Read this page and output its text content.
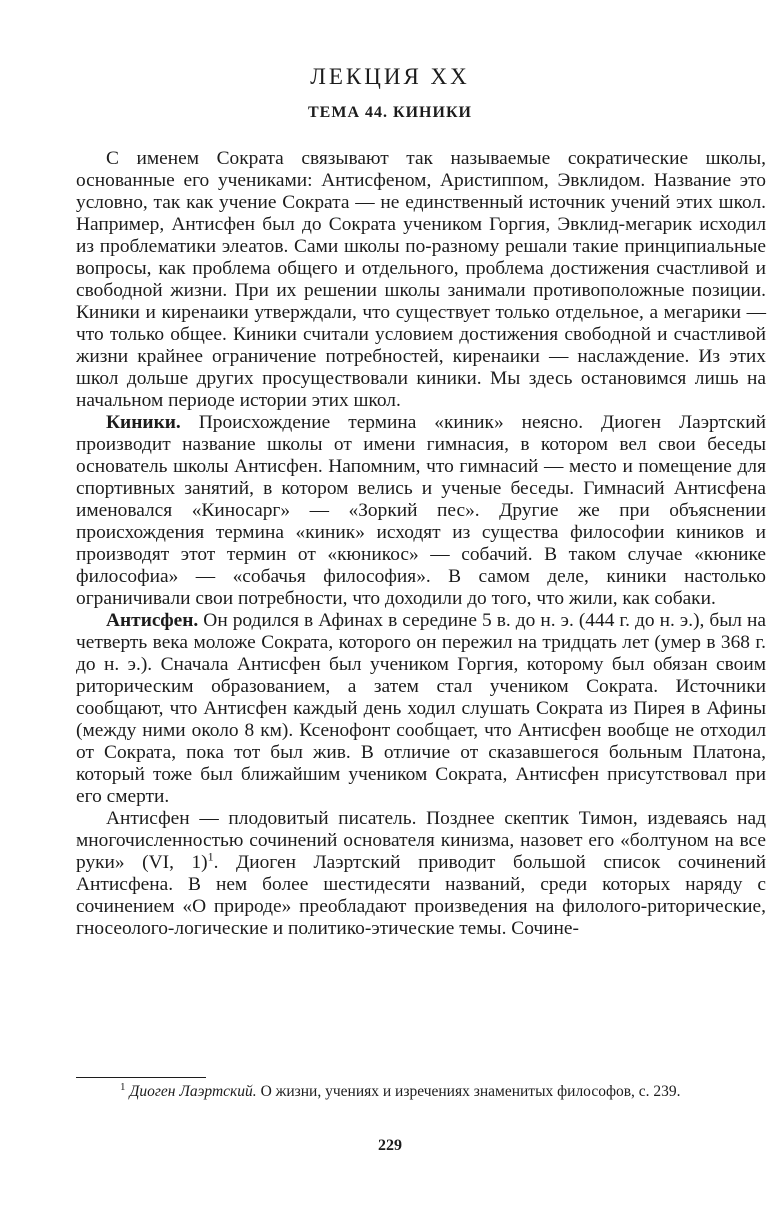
ЛЕКЦИЯ XX
ТЕМА 44. КИНИКИ

С именем Сократа связывают так называемые сократические школы, основанные его учениками: Антисфеном, Аристиппом, Эвклидом. Название это условно, так как учение Сократа — не единственный источник учений этих школ. Например, Антисфен был до Сократа учеником Горгия, Эвклид-мегарик исходил из проблематики элеатов. Сами школы по-разному решали такие принципиальные вопросы, как проблема общего и отдельного, проблема достижения счастливой и свободной жизни. При их решении школы занимали противоположные позиции. Киники и киренаики утверждали, что существует только отдельное, а мегарики — что только общее. Киники считали условием достижения свободной и счастливой жизни крайнее ограничение потребностей, киренаики — наслаждение. Из этих школ дольше других просуществовали киники. Мы здесь остановимся лишь на начальном периоде истории этих школ.

Киники. Происхождение термина «киник» неясно. Диоген Лаэртский производит название школы от имени гимнасия, в котором вел свои беседы основатель школы Антисфен. Напомним, что гимнасий — место и помещение для спортивных занятий, в котором велись и ученые беседы. Гимнасий Антисфена именовался «Киносарг» — «Зоркий пес». Другие же при объяснении происхождения термина «киник» исходят из существа философии киников и производят этот термин от «кюникос» — собачий. В таком случае «кюнике философиа» — «собачья философия». В самом деле, киники настолько ограничивали свои потребности, что доходили до того, что жили, как собаки.

Антисфен. Он родился в Афинах в середине 5 в. до н. э. (444 г. до н. э.), был на четверть века моложе Сократа, которого он пережил на тридцать лет (умер в 368 г. до н. э.). Сначала Антисфен был учеником Горгия, которому был обязан своим риторическим образованием, а затем стал учеником Сократа. Источники сообщают, что Антисфен каждый день ходил слушать Сократа из Пирея в Афины (между ними около 8 км). Ксенофонт сообщает, что Антисфен вообще не отходил от Сократа, пока тот был жив. В отличие от сказавшегося больным Платона, который тоже был ближайшим учеником Сократа, Антисфен присутствовал при его смерти.

Антисфен — плодовитый писатель. Позднее скептик Тимон, издеваясь над многочисленностью сочинений основателя кинизма, назовет его «болтуном на все руки» (VI, 1)$^1$. Диоген Лаэртский приводит большой список сочинений Антисфена. В нем более шестидесяти названий, среди которых наряду с сочинением «О природе» преобладают произведения на филолого-риторические, гносеолого-логические и политико-этические темы. Сочине-

$^1$ Диоген Лаэртский. О жизни, учениях и изречениях знаменитых философов, с. 239.
229
